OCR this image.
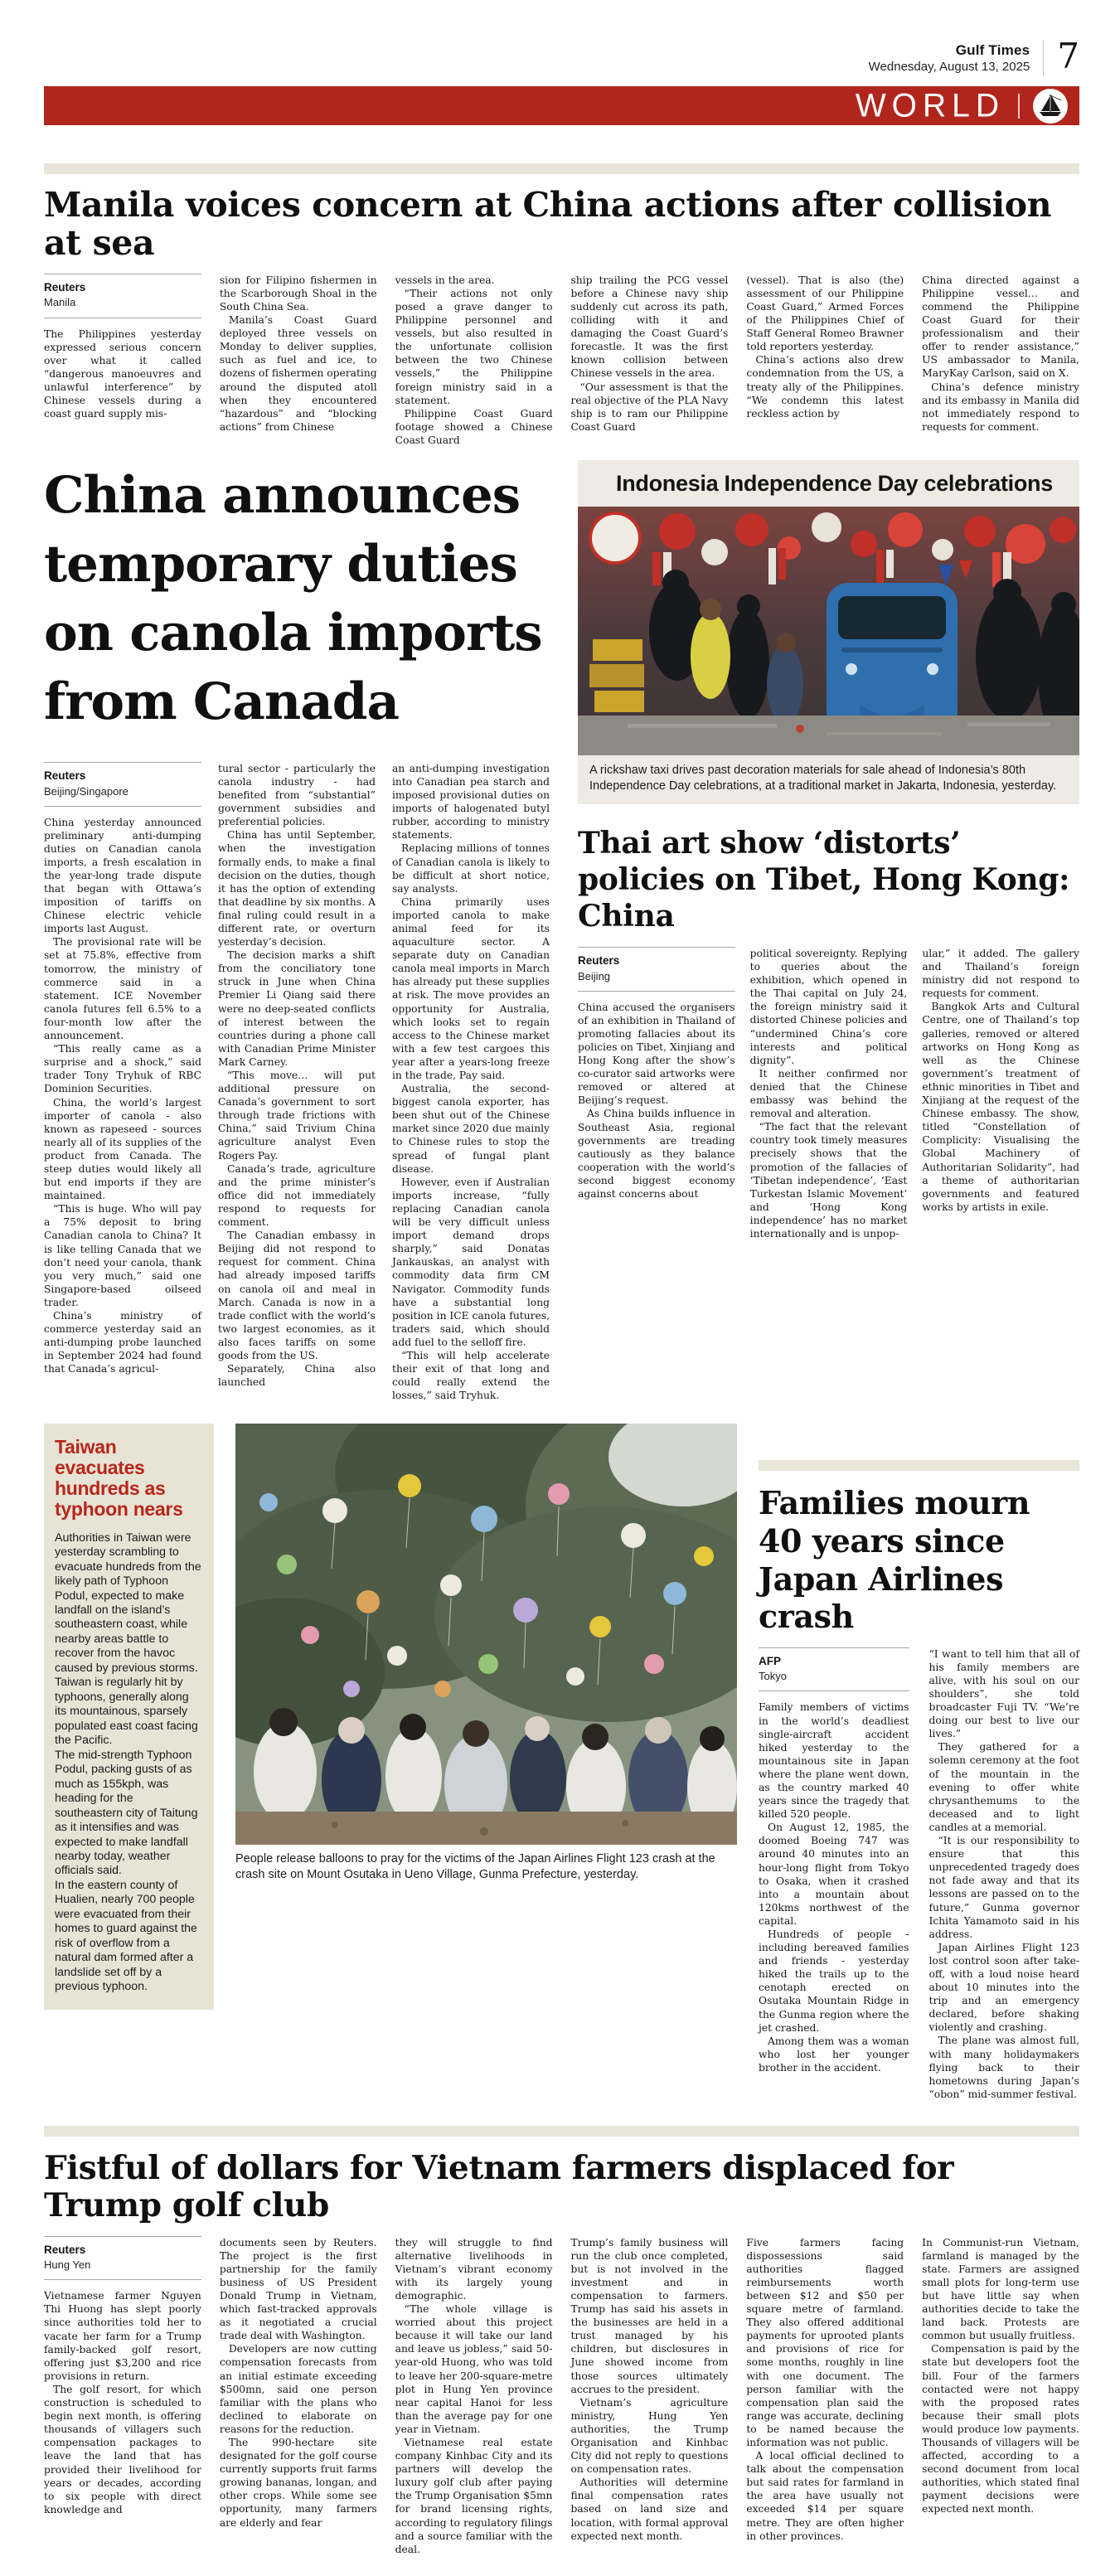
Gulf Times
Wednesday, August 13, 2025 7
WORLD
Manila voices concern at China actions after collision at sea
Reuters
Manila

The Philippines yesterday expressed serious concern over what it called “dangerous manoeuvres and unlawful interference” by Chinese vessels during a coast guard supply mis-

sion for Filipino fishermen in the Scarborough Shoal in the South China Sea.

Manila’s Coast Guard deployed three vessels on Monday to deliver supplies, such as fuel and ice, to dozens of fishermen operating around the disputed atoll when they encountered “hazardous” and “blocking actions” from Chinese

vessels in the area.

“Their actions not only posed a grave danger to Philippine personnel and vessels, but also resulted in the unfortunate collision between the two Chinese vessels,” the Philippine foreign ministry said in a statement.

Philippine Coast Guard footage showed a Chinese Coast Guard

ship trailing the PCG vessel before a Chinese navy ship suddenly cut across its path, colliding with it and damaging the Coast Guard’s forecastle. It was the first known collision between Chinese vessels in the area.

“Our assessment is that the real objective of the PLA Navy ship is to ram our Philippine Coast Guard

(vessel). That is also (the) assessment of our Philippine Coast Guard,” Armed Forces of the Philippines Chief of Staff General Romeo Brawner told reporters yesterday.

China’s actions also drew condemnation from the US, a treaty ally of the Philippines. “We condemn this latest reckless action by

China directed against a Philippine vessel… and commend the Philippine Coast Guard for their professionalism and their offer to render assistance,” US ambassador to Manila, MaryKay Carlson, said on X.

China’s defence ministry and its embassy in Manila did not immediately respond to requests for comment.

China announces temporary duties on canola imports from Canada
Reuters
Beijing/Singapore

China yesterday announced preliminary anti-dumping duties on Canadian canola imports, a fresh escalation in the year-long trade dispute that began with Ottawa’s imposition of tariffs on Chinese electric vehicle imports last August.

The provisional rate will be set at 75.8%, effective from tomorrow, the ministry of commerce said in a statement. ICE November canola futures fell 6.5% to a four-month low after the announcement.

“This really came as a surprise and a shock,” said trader Tony Tryhuk of RBC Dominion Securities.

China, the world’s largest importer of canola - also known as rapeseed - sources nearly all of its supplies of the product from Canada. The steep duties would likely all but end imports if they are maintained.

“This is huge. Who will pay a 75% deposit to bring Canadian canola to China? It is like telling Canada that we don’t need your canola, thank you very much,” said one Singapore-based oilseed trader.

China’s ministry of commerce yesterday said an anti-dumping probe launched in September 2024 had found that Canada’s agricul-

tural sector - particularly the canola industry - had benefited from “substantial” government subsidies and preferential policies.

China has until September, when the investigation formally ends, to make a final decision on the duties, though it has the option of extending that deadline by six months. A final ruling could result in a different rate, or overturn yesterday’s decision.

The decision marks a shift from the conciliatory tone struck in June when China Premier Li Qiang said there were no deep-seated conflicts of interest between the countries during a phone call with Canadian Prime Minister Mark Carney.

“This move… will put additional pressure on Canada’s government to sort through trade frictions with China,” said Trivium China agriculture analyst Even Rogers Pay.

Canada’s trade, agriculture and the prime minister’s office did not immediately respond to requests for comment.

The Canadian embassy in Beijing did not respond to request for comment. China had already imposed tariffs on canola oil and meal in March. Canada is now in a trade conflict with the world’s two largest economies, as it also faces tariffs on some goods from the US.

Separately, China also launched

an anti-dumping investigation into Canadian pea starch and imposed provisional duties on imports of halogenated butyl rubber, according to ministry statements.

Replacing millions of tonnes of Canadian canola is likely to be difficult at short notice, say analysts.

China primarily uses imported canola to make animal feed for its aquaculture sector. A separate duty on Canadian canola meal imports in March has already put these supplies at risk. The move provides an opportunity for Australia, which looks set to regain access to the Chinese market with a few test cargoes this year after a years-long freeze in the trade, Pay said.

Australia, the second-biggest canola exporter, has been shut out of the Chinese market since 2020 due mainly to Chinese rules to stop the spread of fungal plant disease.

However, even if Australian imports increase, “fully replacing Canadian canola will be very difficult unless import demand drops sharply,” said Donatas Jankauskas, an analyst with commodity data firm CM Navigator. Commodity funds have a substantial long position in ICE canola futures, traders said, which should add fuel to the selloff fire.

“This will help accelerate their exit of that long and could really extend the losses,” said Tryhuk.

Indonesia Independence Day celebrations
A rickshaw taxi drives past decoration materials for sale ahead of Indonesia’s 80th Independence Day celebrations, at a traditional market in Jakarta, Indonesia, yesterday.
Thai art show ‘distorts’ policies on Tibet, Hong Kong: China
Reuters
Beijing

China accused the organisers of an exhibition in Thailand of promoting fallacies about its policies on Tibet, Xinjiang and Hong Kong after the show’s co-curator said artworks were removed or altered at Beijing’s request.

As China builds influence in Southeast Asia, regional governments are treading cautiously as they balance cooperation with the world’s second biggest economy against concerns about

political sovereignty. Replying to queries about the exhibition, which opened in the Thai capital on July 24, the foreign ministry said it distorted Chinese policies and “undermined China’s core interests and political dignity”.

It neither confirmed nor denied that the Chinese embassy was behind the removal and alteration.

“The fact that the relevant country took timely measures precisely shows that the promotion of the fallacies of ‘Tibetan independence’, ‘East Turkestan Islamic Movement’ and ‘Hong Kong independence’ has no market internationally and is unpop-

ular,” it added. The gallery and Thailand’s foreign ministry did not respond to requests for comment.

Bangkok Arts and Cultural Centre, one of Thailand’s top galleries, removed or altered artworks on Hong Kong as well as the Chinese government’s treatment of ethnic minorities in Tibet and Xinjiang at the request of the Chinese embassy. The show, titled “Constellation of Complicity: Visualising the Global Machinery of Authoritarian Solidarity”, had a theme of authoritarian governments and featured works by artists in exile.

Taiwan evacuates hundreds as typhoon nears

Authorities in Taiwan were yesterday scrambling to evacuate hundreds from the likely path of Typhoon Podul, expected to make landfall on the island’s southeastern coast, while nearby areas battle to recover from the havoc caused by previous storms.

Taiwan is regularly hit by typhoons, generally along its mountainous, sparsely populated east coast facing the Pacific.

The mid-strength Typhoon Podul, packing gusts of as much as 155kph, was heading for the southeastern city of Taitung as it intensifies and was expected to make landfall nearby today, weather officials said.

In the eastern county of Hualien, nearly 700 people were evacuated from their homes to guard against the risk of overflow from a natural dam formed after a landslide set off by a previous typhoon.

People release balloons to pray for the victims of the Japan Airlines Flight 123 crash at the crash site on Mount Osutaka in Ueno Village, Gunma Prefecture, yesterday.
Families mourn 40 years since Japan Airlines crash
AFP
Tokyo

Family members of victims in the world’s deadliest single-aircraft accident hiked yesterday to the mountainous site in Japan where the plane went down, as the country marked 40 years since the tragedy that killed 520 people.

On August 12, 1985, the doomed Boeing 747 was around 40 minutes into an hour-long flight from Tokyo to Osaka, when it crashed into a mountain about 120kms northwest of the capital.

Hundreds of people - including bereaved families and friends - yesterday hiked the trails up to the cenotaph erected on Osutaka Mountain Ridge in the Gunma region where the jet crashed.

Among them was a woman who lost her younger brother in the accident.

“I want to tell him that all of his family members are alive, with his soul on our shoulders”, she told broadcaster Fuji TV. “We’re doing our best to live our lives.”

They gathered for a solemn ceremony at the foot of the mountain in the evening to offer white chrysanthemums to the deceased and to light candles at a memorial.

“It is our responsibility to ensure that this unprecedented tragedy does not fade away and that its lessons are passed on to the future,” Gunma governor Ichita Yamamoto said in his address.

Japan Airlines Flight 123 lost control soon after take-off, with a loud noise heard about 10 minutes into the trip and an emergency declared, before shaking violently and crashing.

The plane was almost full, with many holidaymakers flying back to their hometowns during Japan’s “obon” mid-summer festival.

Fistful of dollars for Vietnam farmers displaced for Trump golf club
Reuters
Hung Yen

Vietnamese farmer Nguyen Thi Huong has slept poorly since authorities told her to vacate her farm for a Trump family-backed golf resort, offering just $3,200 and rice provisions in return.

The golf resort, for which construction is scheduled to begin next month, is offering thousands of villagers such compensation packages to leave the land that has provided their livelihood for years or decades, according to six people with direct knowledge and

documents seen by Reuters. The project is the first partnership for the family business of US President Donald Trump in Vietnam, which fast-tracked approvals as it negotiated a crucial trade deal with Washington.

Developers are now cutting compensation forecasts from an initial estimate exceeding $500mn, said one person familiar with the plans who declined to elaborate on reasons for the reduction.

The 990-hectare site designated for the golf course currently supports fruit farms growing bananas, longan, and other crops. While some see opportunity, many farmers are elderly and fear

they will struggle to find alternative livelihoods in Vietnam’s vibrant economy with its largely young demographic.

“The whole village is worried about this project because it will take our land and leave us jobless,” said 50-year-old Huong, who was told to leave her 200-square-metre plot in Hung Yen province near capital Hanoi for less than the average pay for one year in Vietnam.

Vietnamese real estate company Kinhbac City and its partners will develop the luxury golf club after paying the Trump Organisation $5mn for brand licensing rights, according to regulatory filings and a source familiar with the deal.

Trump’s family business will run the club once completed, but is not involved in the investment and in compensation to farmers. Trump has said his assets in the businesses are held in a trust managed by his children, but disclosures in June showed income from those sources ultimately accrues to the president.

Vietnam’s agriculture ministry, Hung Yen authorities, the Trump Organisation and Kinhbac City did not reply to questions on compensation rates.

Authorities will determine final compensation rates based on land size and location, with formal approval expected next month.

Five farmers facing dispossessions said authorities flagged reimbursements worth between $12 and $50 per square metre of farmland. They also offered additional payments for uprooted plants and provisions of rice for some months, roughly in line with one document. The person familiar with the compensation plan said the range was accurate, declining to be named because the information was not public.

A local official declined to talk about the compensation but said rates for farmland in the area have usually not exceeded $14 per square metre. They are often higher in other provinces.

In Communist-run Vietnam, farmland is managed by the state. Farmers are assigned small plots for long-term use but have little say when authorities decide to take the land back. Protests are common but usually fruitless.

Compensation is paid by the state but developers foot the bill. Four of the farmers contacted were not happy with the proposed rates because their small plots would produce low payments. Thousands of villagers will be affected, according to a second document from local authorities, which stated final payment decisions were expected next month.
